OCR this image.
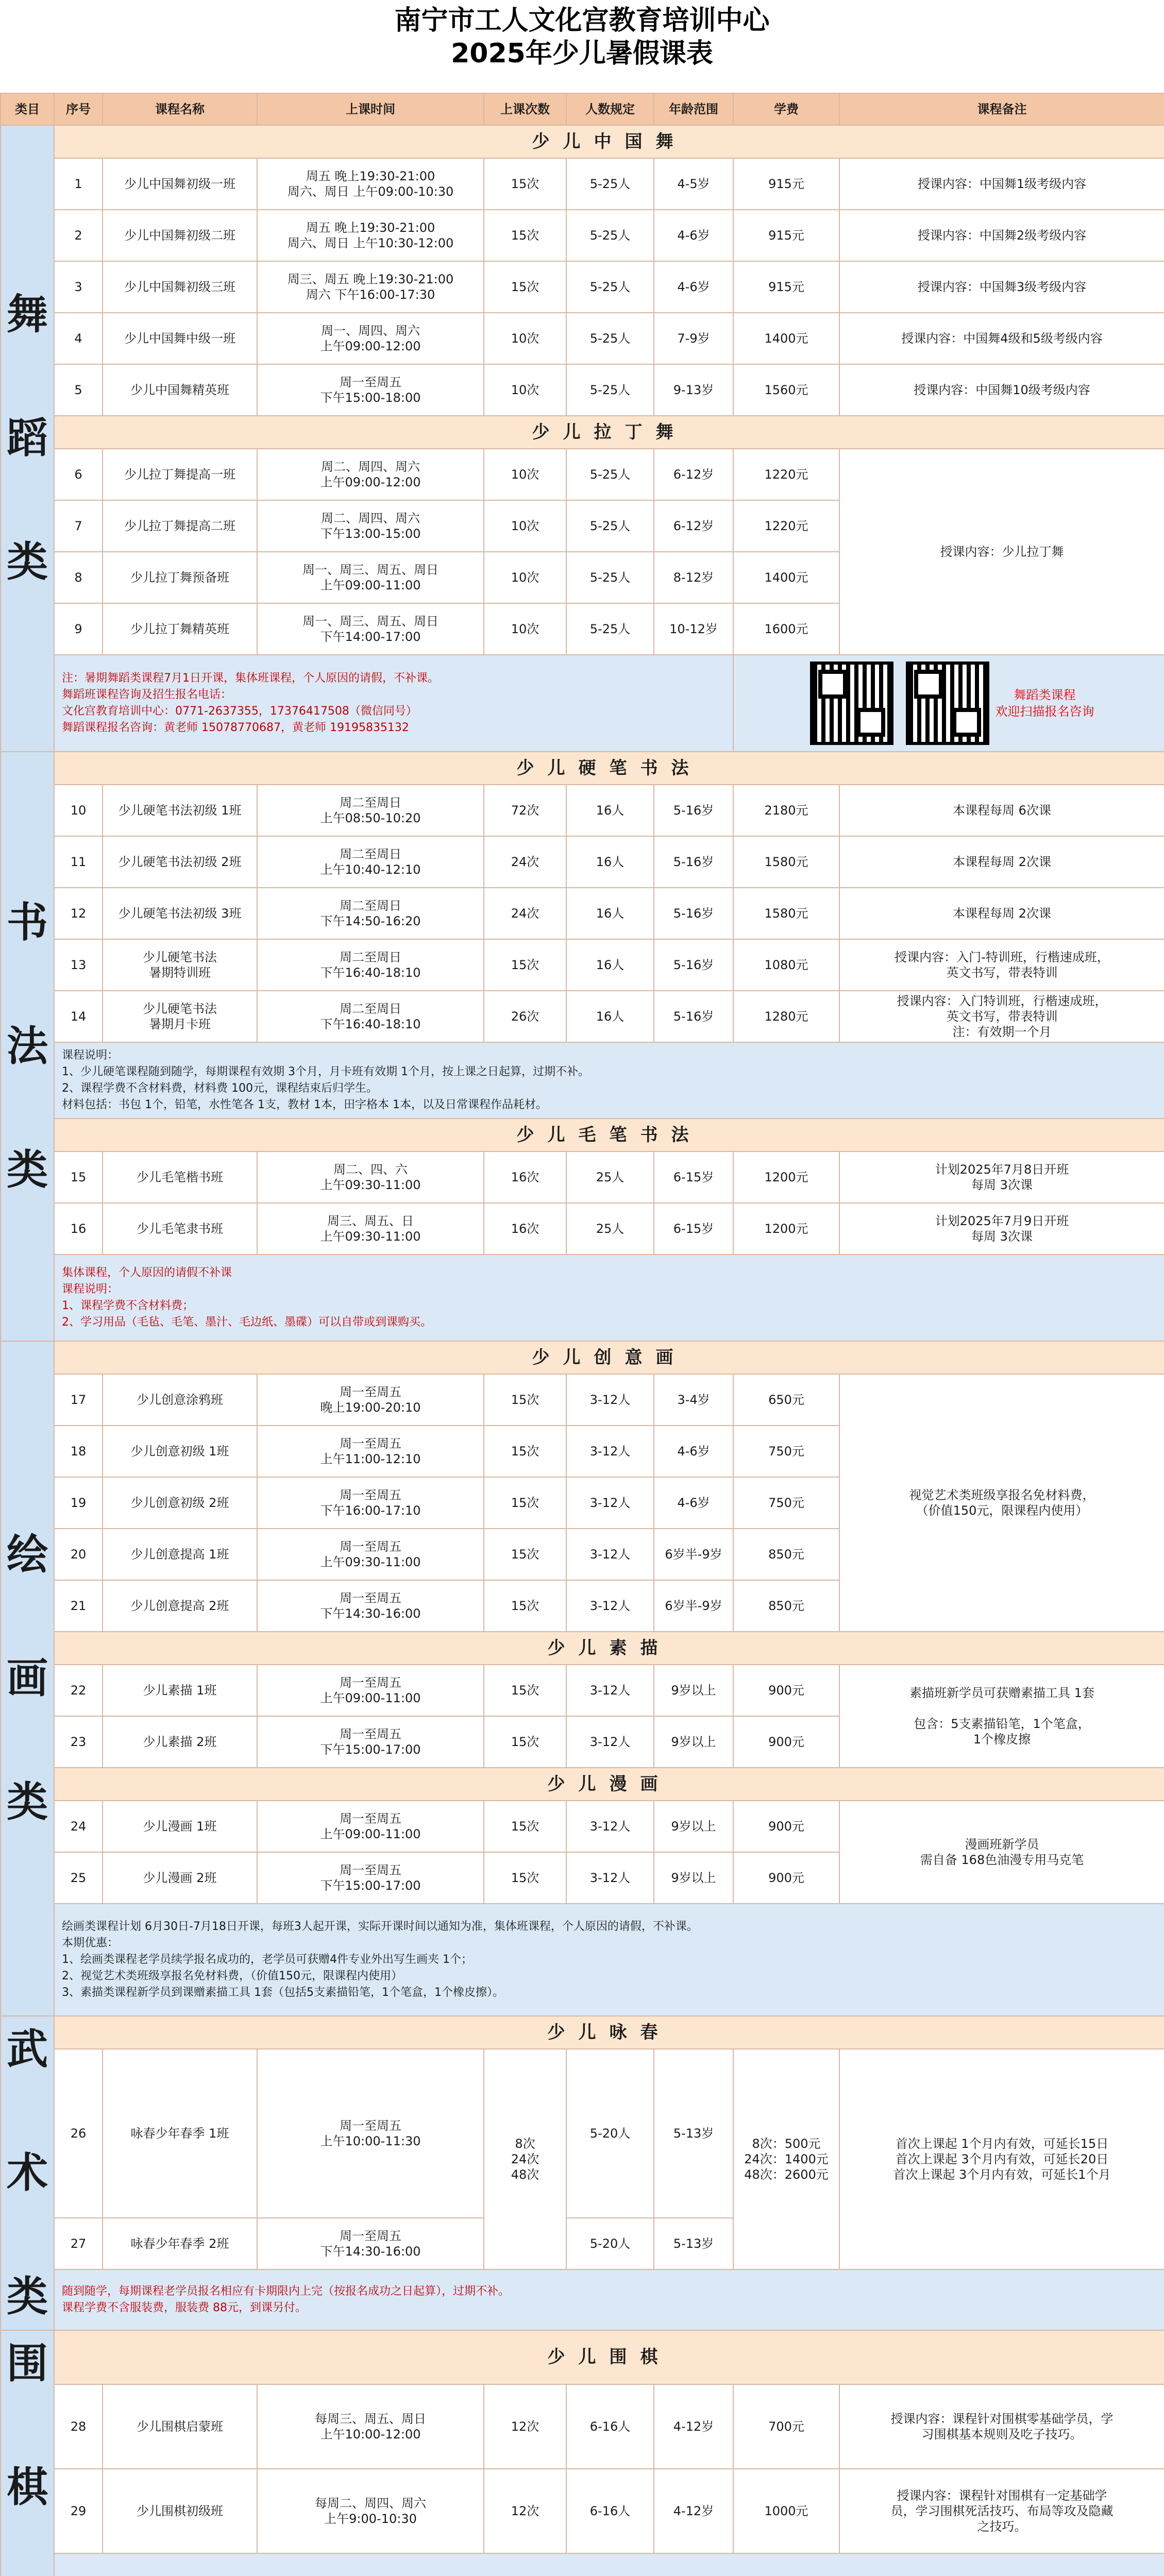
南宁市工人文化宫教育培训中心
2025年少儿暑假课表
类目	序号	课程名称	上课时间	上课次数	人数规定	年龄范围	学费	课程备注
舞

蹈

类	少儿中国舞							
	1	少儿中国舞初级一班	周五 晚上19:30-21:00
周六、周日 上午09:00-10:30	15次	5-25人	4-5岁	915元	授课内容：中国舞1级考级内容
	2	少儿中国舞初级二班	周五 晚上19:30-21:00
周六、周日 上午10:30-12:00	15次	5-25人	4-6岁	915元	授课内容：中国舞2级考级内容
	3	少儿中国舞初级三班	周三、周五 晚上19:30-21:00
周六 下午16:00-17:30	15次	5-25人	4-6岁	915元	授课内容：中国舞3级考级内容
	4	少儿中国舞中级一班	周一、周四、周六
上午09:00-12:00	10次	5-25人	7-9岁	1400元	授课内容：中国舞4级和5级考级内容
	5	少儿中国舞精英班	周一至周五
下午15:00-18:00	10次	5-25人	9-13岁	1560元	授课内容：中国舞10级考级内容
	少儿拉丁舞							
	6	少儿拉丁舞提高一班	周二、周四、周六
上午09:00-12:00	10次	5-25人	6-12岁	1220元	授课内容：少儿拉丁舞
	7	少儿拉丁舞提高二班	周二、周四、周六
下午13:00-15:00	10次	5-25人	6-12岁	1220元	
	8	少儿拉丁舞预备班	周一、周三、周五、周日
上午09:00-11:00	10次	5-25人	8-12岁	1400元	
	9	少儿拉丁舞精英班	周一、周三、周五、周日
下午14:00-17:00	10次	5-25人	10-12岁	1600元	
	注：暑期舞蹈类课程7月1日开课，集体班课程，个人原因的请假，不补课。
舞蹈班课程咨询及招生报名电话：
文化宫教育培训中心：0771-2637355，17376417508（微信同号）
舞蹈课程报名咨询：黄老师 15078770687，黄老师 19195835132						舞蹈类课程
欢迎扫描报名咨询	
书

法

类	少儿硬笔书法							
	10	少儿硬笔书法初级 1班	周二至周日
上午08:50-10:20	72次	16人	5-16岁	2180元	本课程每周 6次课
	11	少儿硬笔书法初级 2班	周二至周日
上午10:40-12:10	24次	16人	5-16岁	1580元	本课程每周 2次课
	12	少儿硬笔书法初级 3班	周二至周日
下午14:50-16:20	24次	16人	5-16岁	1580元	本课程每周 2次课
	13	少儿硬笔书法
暑期特训班	周二至周日
下午16:40-18:10	15次	16人	5-16岁	1080元	授课内容：入门-特训班，行楷速成班，
英文书写，带表特训
	14	少儿硬笔书法
暑期月卡班	周二至周日
下午16:40-18:10	26次	16人	5-16岁	1280元	授课内容：入门特训班，行楷速成班，
英文书写，带表特训
注：有效期一个月
	课程说明：
1、少儿硬笔课程随到随学，每期课程有效期 3个月，月卡班有效期 1个月，按上课之日起算，过期不补。
2、课程学费不含材料费，材料费 100元，课程结束后归学生。
材料包括：书包 1个，铅笔，水性笔各 1支，教材 1本，田字格本 1本，以及日常课程作品耗材。							
	少儿毛笔书法							
	15	少儿毛笔楷书班	周二、四、六
上午09:30-11:00	16次	25人	6-15岁	1200元	计划2025年7月8日开班
每周 3次课
	16	少儿毛笔隶书班	周三、周五、日
上午09:30-11:00	16次	25人	6-15岁	1200元	计划2025年7月9日开班
每周 3次课
	集体课程，个人原因的请假不补课
课程说明：
1、课程学费不含材料费；
2、学习用品（毛毡、毛笔、墨汁、毛边纸、墨碟）可以自带或到课购买。							
绘

画

类	少儿创意画							
	17	少儿创意涂鸦班	周一至周五
晚上19:00-20:10	15次	3-12人	3-4岁	650元	视觉艺术类班级享报名免材料费，
（价值150元，限课程内使用）
	18	少儿创意初级 1班	周一至周五
上午11:00-12:10	15次	3-12人	4-6岁	750元	
	19	少儿创意初级 2班	周一至周五
下午16:00-17:10	15次	3-12人	4-6岁	750元	
	20	少儿创意提高 1班	周一至周五
上午09:30-11:00	15次	3-12人	6岁半-9岁	850元	
	21	少儿创意提高 2班	周一至周五
下午14:30-16:00	15次	3-12人	6岁半-9岁	850元	
	少儿素描							
	22	少儿素描 1班	周一至周五
上午09:00-11:00	15次	3-12人	9岁以上	900元	素描班新学员可获赠素描工具 1套

包含：5支素描铅笔，1个笔盒，
1个橡皮擦
	23	少儿素描 2班	周一至周五
下午15:00-17:00	15次	3-12人	9岁以上	900元	
	少儿漫画							
	24	少儿漫画 1班	周一至周五
上午09:00-11:00	15次	3-12人	9岁以上	900元	漫画班新学员
需自备 168色油漫专用马克笔
	25	少儿漫画 2班	周一至周五
下午15:00-17:00	15次	3-12人	9岁以上	900元	
	绘画类课程计划 6月30日-7月18日开课，每班3人起开课，实际开课时间以通知为准，集体班课程，个人原因的请假，不补课。
本期优惠：
1、绘画类课程老学员续学报名成功的，老学员可获赠4件专业外出写生画夹 1个；
2、视觉艺术类班级享报名免材料费，（价值150元，限课程内使用）
3、素描类课程新学员到课赠素描工具 1套（包括5支素描铅笔，1个笔盒，1个橡皮擦）。							
武

术

类	少儿咏春							
	26	咏春少年春季 1班	周一至周五
上午10:00-11:30	8次
24次
48次	5-20人	5-13岁	8次：500元
24次：1400元
48次：2600元	首次上课起 1个月内有效，可延长15日
首次上课起 3个月内有效，可延长20日
首次上课起 3个月内有效，可延长1个月
	27	咏春少年春季 2班	周一至周五
下午14:30-16:00		5-20人	5-13岁		
	随到随学，每期课程老学员报名相应有卡期限内上完（按报名成功之日起算），过期不补。
课程学费不含服装费，服装费 88元，到课另付。							
围

棋	少儿围棋							
	28	少儿围棋启蒙班	每周三、周五、周日
上午10:00-12:00	12次	6-16人	4-12岁	700元	授课内容：课程针对围棋零基础学员，学
习围棋基本规则及吃子技巧。
	29	少儿围棋初级班	每周二、周四、周六
上午9:00-10:30	12次	6-16人	4-12岁	1000元	授课内容：课程针对围棋有一定基础学
员，学习围棋死活技巧、布局等攻及隐藏
之技巧。
